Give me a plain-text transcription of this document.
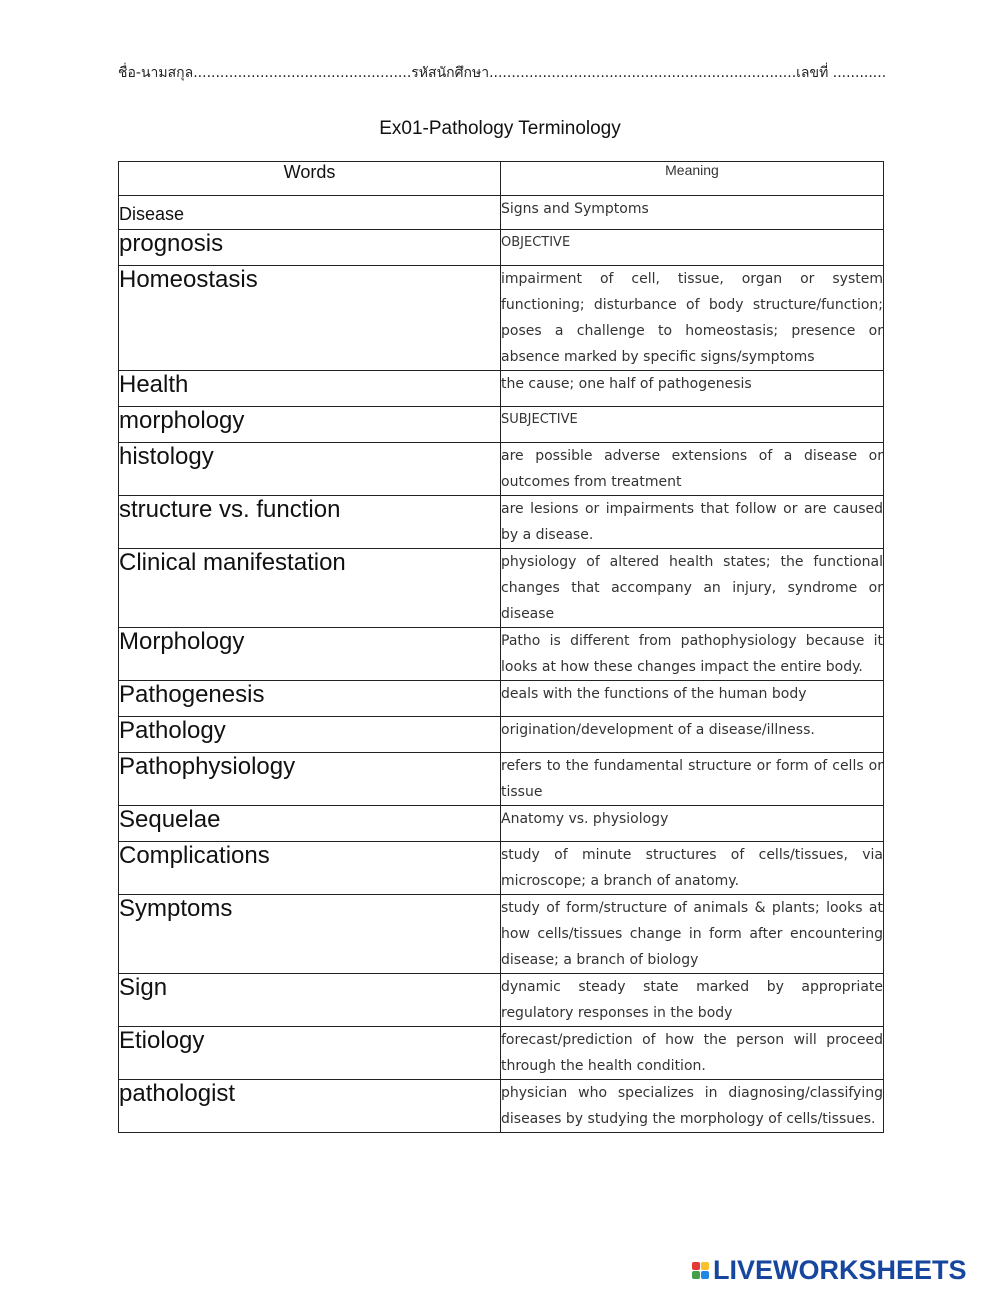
ชื่อ-นามสกุล.................................................รหัสนักศึกษา.....................................................................เลขที่ ............
Ex01-Pathology Terminology
Words	Meaning
Disease	Signs and Symptoms
prognosis	OBJECTIVE
Homeostasis	impairment of cell, tissue, organ or system functioning; disturbance of body structure/function; poses a challenge to homeostasis; presence or absence marked by specific signs/symptoms
Health	the cause; one half of pathogenesis
morphology	SUBJECTIVE
histology	are possible adverse extensions of a disease or outcomes from treatment
structure vs. function	are lesions or impairments that follow or are caused by a disease.
Clinical manifestation	physiology of altered health states; the functional changes that accompany an injury, syndrome or disease
Morphology	Patho is different from pathophysiology because it looks at how these changes impact the entire body.
Pathogenesis	deals with the functions of the human body
Pathology	origination/development of a disease/illness.
Pathophysiology	refers to the fundamental structure or form of cells or tissue
Sequelae	Anatomy vs. physiology
Complications	study of minute structures of cells/tissues, via microscope; a branch of anatomy.
Symptoms	study of form/structure of animals & plants; looks at how cells/tissues change in form after encountering disease; a branch of biology
Sign	dynamic steady state marked by appropriate regulatory responses in the body
Etiology	forecast/prediction of how the person will proceed through the health condition.
pathologist	physician who specializes in diagnosing/classifying diseases by studying the morphology of cells/tissues.
LIVEWORKSHEETS
